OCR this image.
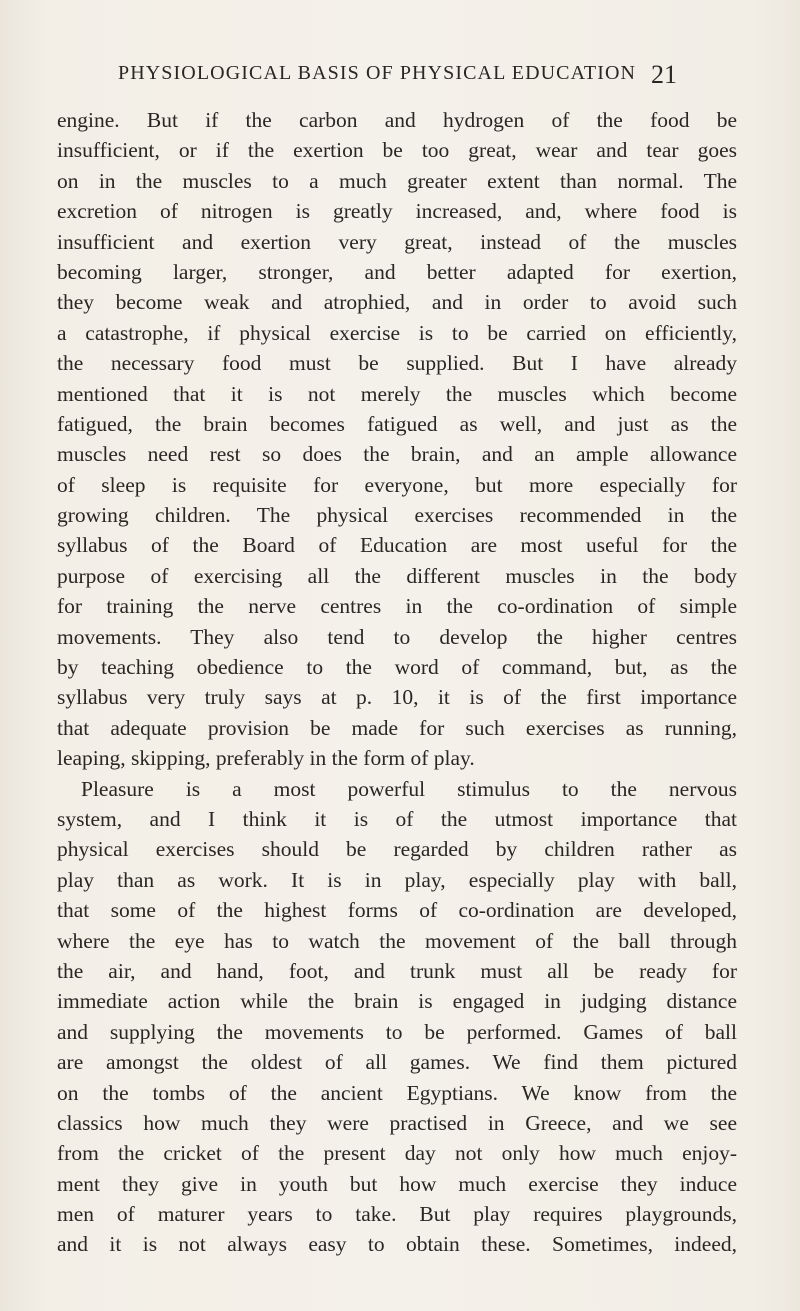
PHYSIOLOGICAL BASIS OF PHYSICAL EDUCATION 21
engine. But if the carbon and hydrogen of the food be
insufficient, or if the exertion be too great, wear and tear goes
on in the muscles to a much greater extent than normal. The
excretion of nitrogen is greatly increased, and, where food is
insufficient and exertion very great, instead of the muscles
becoming larger, stronger, and better adapted for exertion,
they become weak and atrophied, and in order to avoid such
a catastrophe, if physical exercise is to be carried on efficiently,
the necessary food must be supplied. But I have already
mentioned that it is not merely the muscles which become
fatigued, the brain becomes fatigued as well, and just as the
muscles need rest so does the brain, and an ample allowance
of sleep is requisite for everyone, but more especially for
growing children. The physical exercises recommended in the
syllabus of the Board of Education are most useful for the
purpose of exercising all the different muscles in the body
for training the nerve centres in the co-ordination of simple
movements. They also tend to develop the higher centres
by teaching obedience to the word of command, but, as the
syllabus very truly says at p. 10, it is of the first importance
that adequate provision be made for such exercises as running,
leaping, skipping, preferably in the form of play.
Pleasure is a most powerful stimulus to the nervous
system, and I think it is of the utmost importance that
physical exercises should be regarded by children rather as
play than as work. It is in play, especially play with ball,
that some of the highest forms of co-ordination are developed,
where the eye has to watch the movement of the ball through
the air, and hand, foot, and trunk must all be ready for
immediate action while the brain is engaged in judging distance
and supplying the movements to be performed. Games of ball
are amongst the oldest of all games. We find them pictured
on the tombs of the ancient Egyptians. We know from the
classics how much they were practised in Greece, and we see
from the cricket of the present day not only how much enjoy-
ment they give in youth but how much exercise they induce
men of maturer years to take. But play requires playgrounds,
and it is not always easy to obtain these. Sometimes, indeed,
